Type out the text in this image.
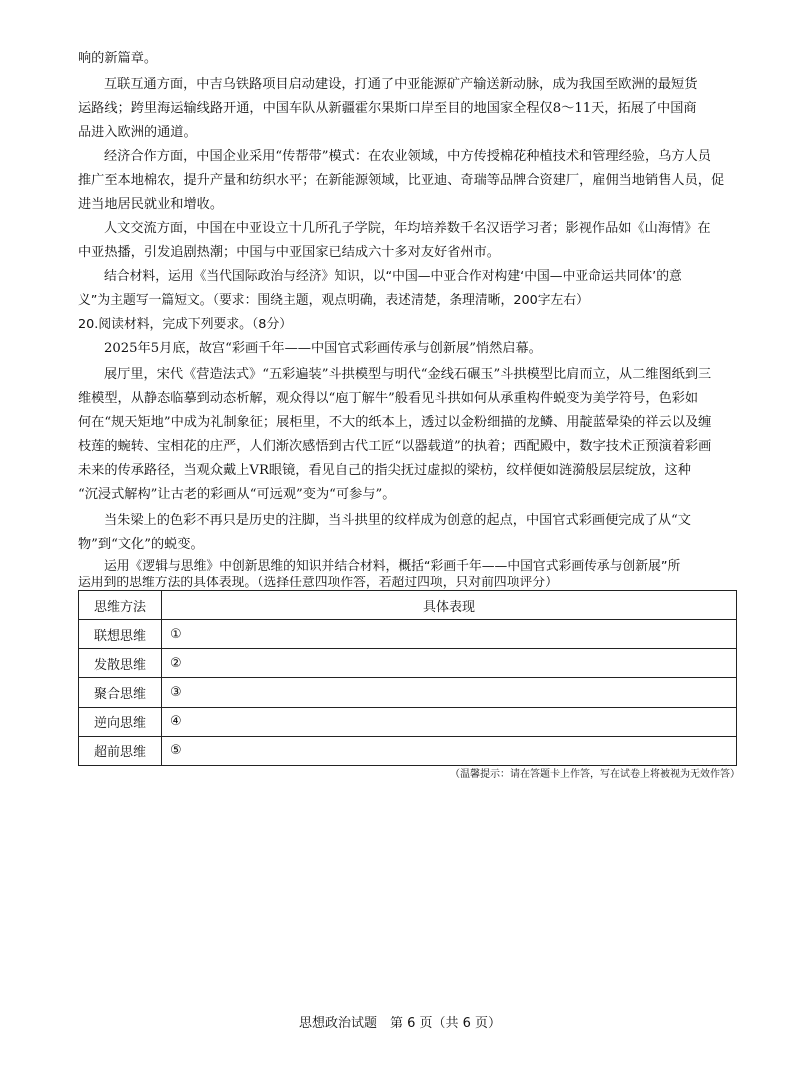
响的新篇章。
互联互通方面，中吉乌铁路项目启动建设，打通了中亚能源矿产输送新动脉，成为我国至欧洲的最短货
运路线；跨里海运输线路开通，中国车队从新疆霍尔果斯口岸至目的地国家全程仅8～11天，拓展了中国商
品进入欧洲的通道。
经济合作方面，中国企业采用“传帮带”模式：在农业领域，中方传授棉花种植技术和管理经验，乌方人员
推广至本地棉农，提升产量和纺织水平；在新能源领域，比亚迪、奇瑞等品牌合资建厂，雇佣当地销售人员，促
进当地居民就业和增收。
人文交流方面，中国在中亚设立十几所孔子学院，年均培养数千名汉语学习者；影视作品如《山海情》在
中亚热播，引发追剧热潮；中国与中亚国家已结成六十多对友好省州市。
结合材料，运用《当代国际政治与经济》知识，以“中国—中亚合作对构建‘中国—中亚命运共同体’的意
义”为主题写一篇短文。（要求：围绕主题，观点明确，表述清楚，条理清晰，200字左右）
20.阅读材料，完成下列要求。（8分）
2025年5月底，故宫“彩画千年——中国官式彩画传承与创新展”悄然启幕。
展厅里，宋代《营造法式》“五彩遍装”斗拱模型与明代“金线石碾玉”斗拱模型比肩而立，从二维图纸到三
维模型，从静态临摹到动态析解，观众得以“庖丁解牛”般看见斗拱如何从承重构件蜕变为美学符号，色彩如
何在“规天矩地”中成为礼制象征；展柜里，不大的纸本上，透过以金粉细描的龙鳞、用靛蓝晕染的祥云以及缠
枝莲的蜿转、宝相花的庄严，人们渐次感悟到古代工匠“以器载道”的执着；西配殿中，数字技术正预演着彩画
未来的传承路径，当观众戴上VR眼镜，看见自己的指尖抚过虚拟的梁枋，纹样便如涟漪般层层绽放，这种
“沉浸式解构”让古老的彩画从“可远观”变为“可参与”。
当朱梁上的色彩不再只是历史的注脚，当斗拱里的纹样成为创意的起点，中国官式彩画便完成了从“文
物”到“文化”的蜕变。
运用《逻辑与思维》中创新思维的知识并结合材料，概括“彩画千年——中国官式彩画传承与创新展”所
思维方法	具体表现
联想思维	①
发散思维	②
聚合思维	③
逆向思维	④
超前思维	⑤
（温馨提示：请在答题卡上作答，写在试卷上将被视为无效作答）
思想政治试题　第 6 页（共 6 页）
运用到的思维方法的具体表现。（选择任意四项作答，若超过四项，只对前四项评分）
